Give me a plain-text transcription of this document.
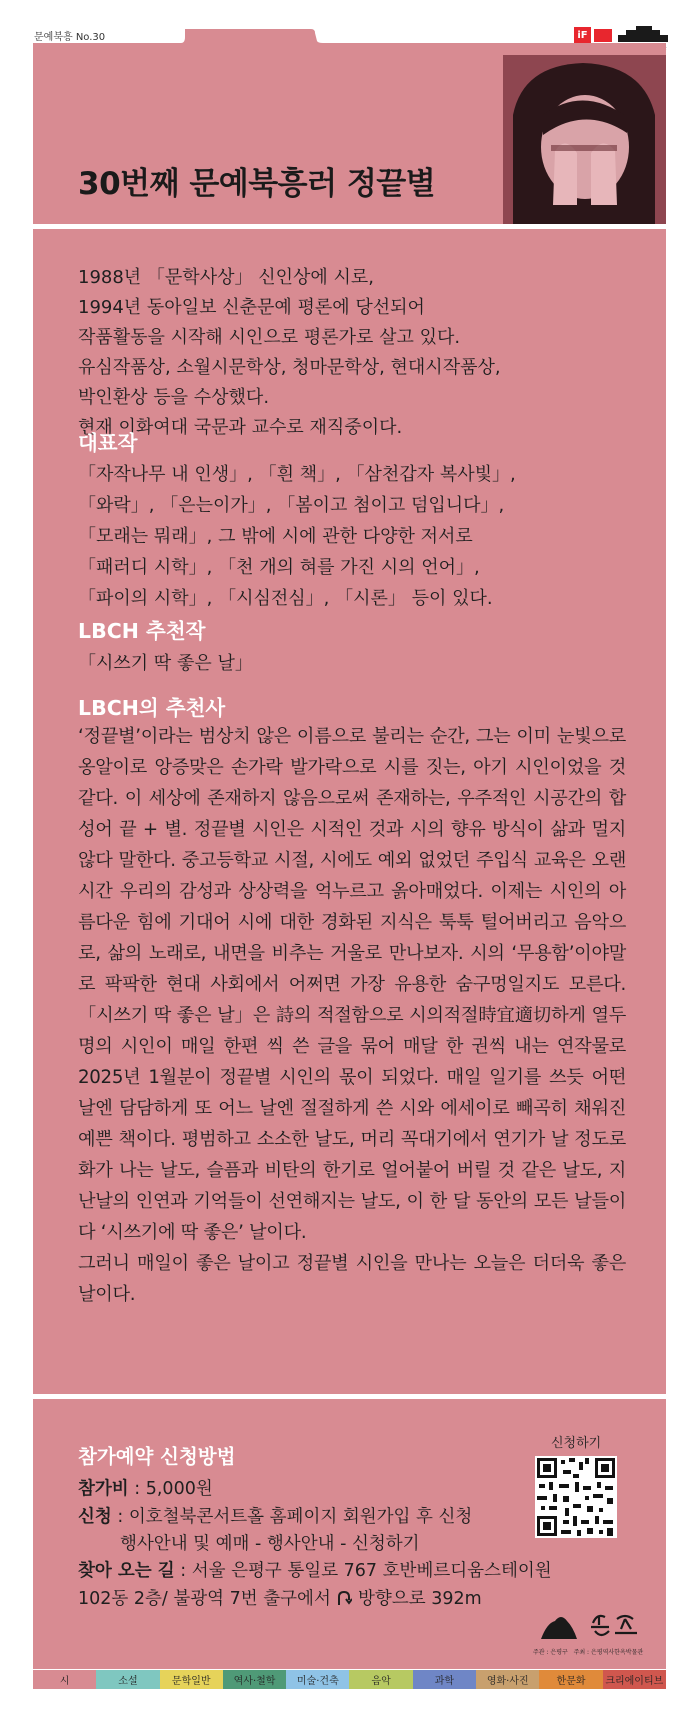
문예북흥 No.30	iF
30번째 문예북흥러 정끝별
1988년 「문학사상」 신인상에 시로,
1994년 동아일보 신춘문예 평론에 당선되어
작품활동을 시작해 시인으로 평론가로 살고 있다.
유심작품상, 소월시문학상, 청마문학상, 현대시작품상,
박인환상 등을 수상했다.
현재 이화여대 국문과 교수로 재직중이다.
대표작
「자작나무 내 인생」, 「흰 책」, 「삼천갑자 복사빛」,
「와락」, 「은는이가」, 「봄이고 첨이고 덤입니다」,
「모래는 뭐래」, 그 밖에 시에 관한 다양한 저서로
「패러디 시학」, 「천 개의 혀를 가진 시의 언어」,
「파이의 시학」, 「시심전심」, 「시론」 등이 있다.
LBCH 추천작
「시쓰기 딱 좋은 날」
LBCH의 추천사

‘정끝별’이라는 범상치 않은 이름으로 불리는 순간, 그는 이미 눈빛으로 옹알이로 앙증맞은 손가락 발가락으로 시를 짓는, 아기 시인이었을 것 같다. 이 세상에 존재하지 않음으로써 존재하는, 우주적인 시공간의 합성어 끝 + 별. 정끝별 시인은 시적인 것과 시의 향유 방식이 삶과 멀지 않다 말한다. 중고등학교 시절, 시에도 예외 없었던 주입식 교육은 오랜 시간 우리의 감성과 상상력을 억누르고 옭아매었다. 이제는 시인의 아름다운 힘에 기대어 시에 대한 경화된 지식은 툭툭 털어버리고 음악으로, 삶의 노래로, 내면을 비추는 거울로 만나보자. 시의 ‘무용함’이야말로 팍팍한 현대 사회에서 어쩌면 가장 유용한 숨구멍일지도 모른다. 「시쓰기 딱 좋은 날」은 詩의 적절함으로 시의적절時宜適切하게 열두명의 시인이 매일 한편 씩 쓴 글을 묶어 매달 한 권씩 내는 연작물로 2025년 1월분이 정끝별 시인의 몫이 되었다. 매일 일기를 쓰듯 어떤 날엔 담담하게 또 어느 날엔 절절하게 쓴 시와 에세이로 빼곡히 채워진 예쁜 책이다. 평범하고 소소한 날도, 머리 꼭대기에서 연기가 날 정도로 화가 나는 날도, 슬픔과 비탄의 한기로 얼어붙어 버릴 것 같은 날도, 지난날의 인연과 기억들이 선연해지는 날도, 이 한 달 동안의 모든 날들이 다 ‘시쓰기에 딱 좋은’ 날이다.
그러니 매일이 좋은 날이고 정끝별 시인을 만나는 오늘은 더더욱 좋은 날이다.

참가예약 신청방법
참가비 : 5,000원
신청 : 이호철북콘서트홀 홈페이지 회원가입 후 신청
행사안내 및 예매 - 행사안내 - 신청하기
찾아 오는 길 : 서울 은평구 통일로 767 호반베르디움스테이원
102동 2층/ 불광역 7번 출구에서 방향으로 392m
신청하기
주관 : 은평구 주최 : 은평역사한옥박물관
시	소설	문학일반	역사·철학	미술·건축	음악	과학	영화·사진	한문화	크리에이티브
